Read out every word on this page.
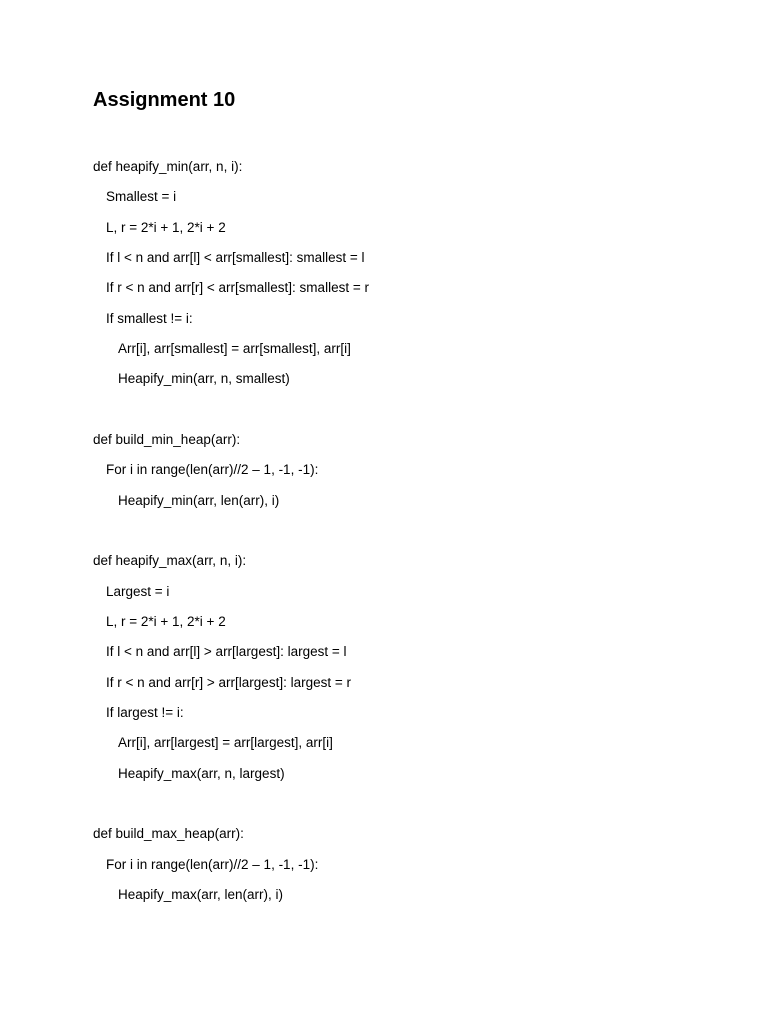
Assignment 10
def heapify_min(arr, n, i):
Smallest = i
L, r = 2*i + 1, 2*i + 2
If l < n and arr[l] < arr[smallest]: smallest = l
If r < n and arr[r] < arr[smallest]: smallest = r
If smallest != i:
Arr[i], arr[smallest] = arr[smallest], arr[i]
Heapify_min(arr, n, smallest)
def build_min_heap(arr):
For i in range(len(arr)//2 – 1, -1, -1):
Heapify_min(arr, len(arr), i)
def heapify_max(arr, n, i):
Largest = i
L, r = 2*i + 1, 2*i + 2
If l < n and arr[l] > arr[largest]: largest = l
If r < n and arr[r] > arr[largest]: largest = r
If largest != i:
Arr[i], arr[largest] = arr[largest], arr[i]
Heapify_max(arr, n, largest)
def build_max_heap(arr):
For i in range(len(arr)//2 – 1, -1, -1):
Heapify_max(arr, len(arr), i)
